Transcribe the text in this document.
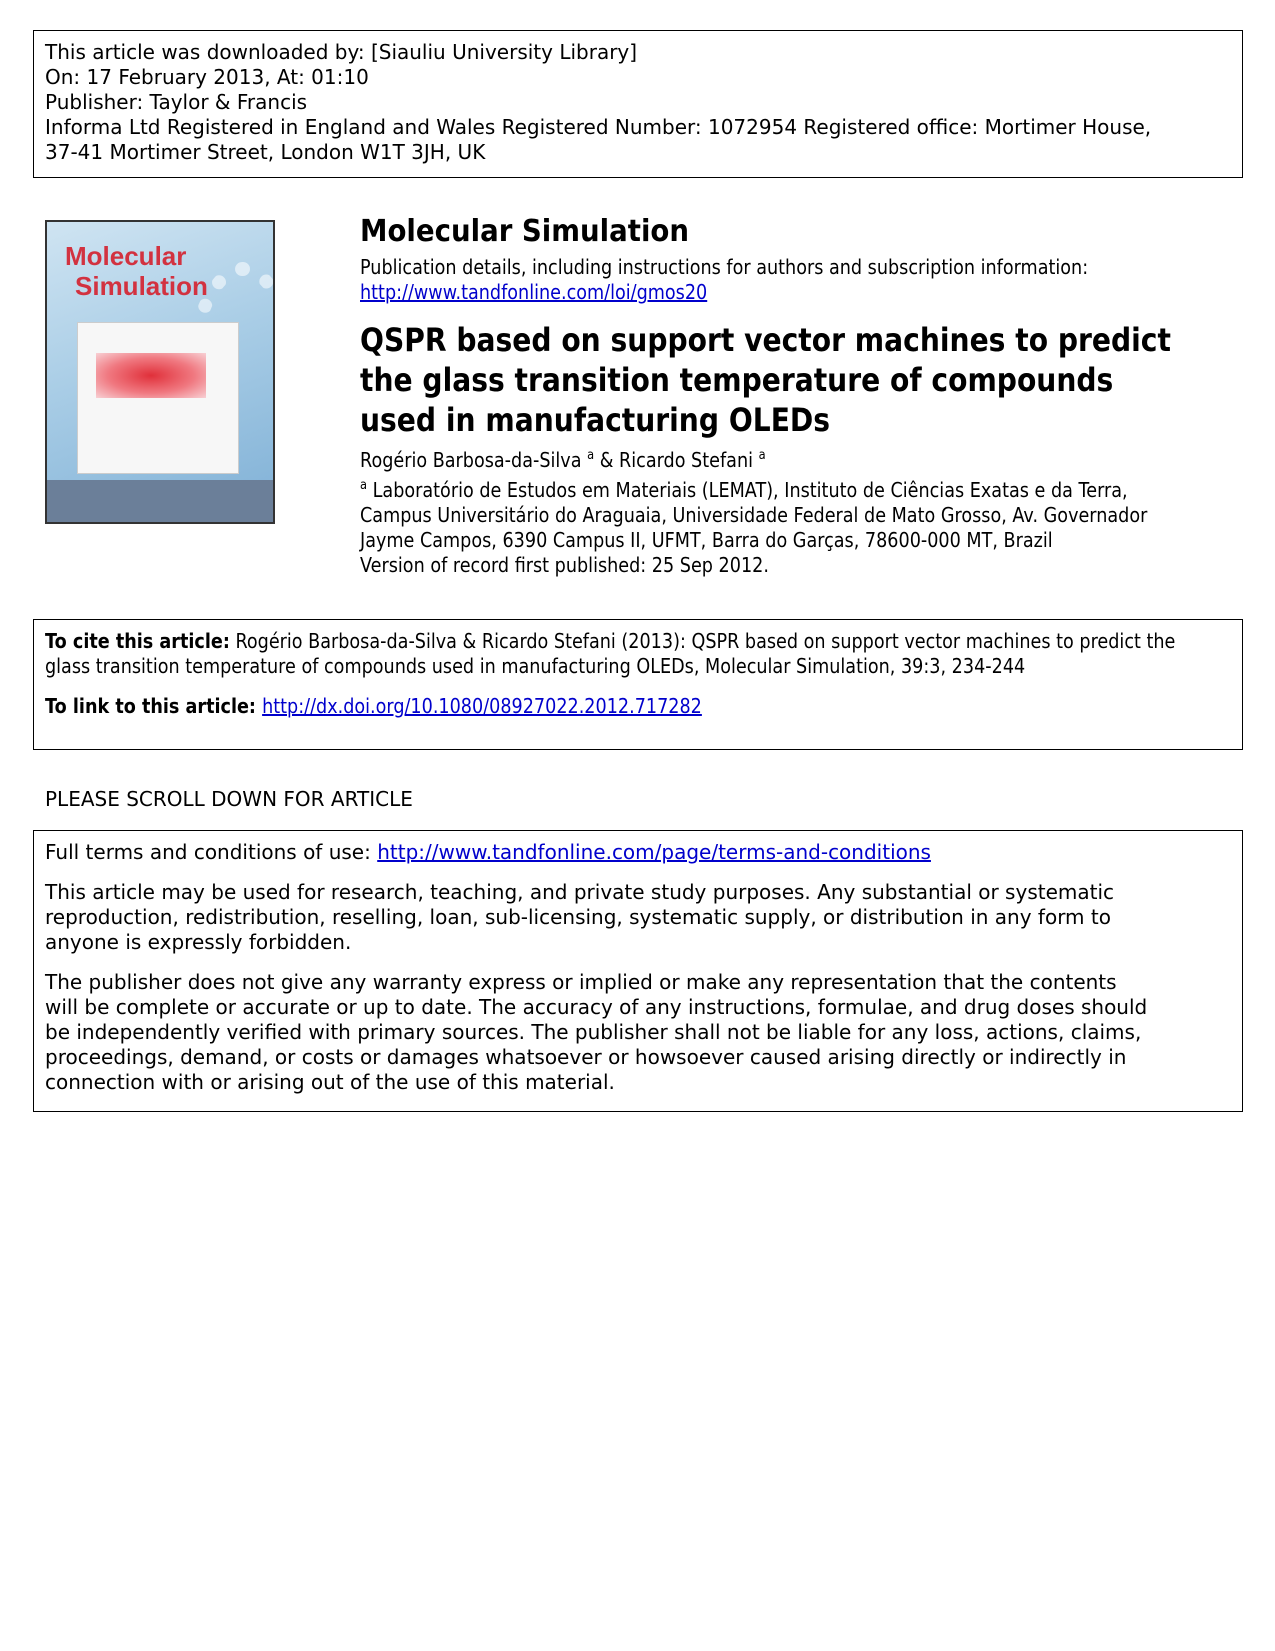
This article was downloaded by: [Siauliu University Library]
On: 17 February 2013, At: 01:10
Publisher: Taylor & Francis
Informa Ltd Registered in England and Wales Registered Number: 1072954 Registered office: Mortimer House,
37-41 Mortimer Street, London W1T 3JH, UK
Molecular
Simulation
Molecular Simulation
Publication details, including instructions for authors and subscription information:
http://www.tandfonline.com/loi/gmos20
QSPR based on support vector machines to predict the glass transition temperature of compounds used in manufacturing OLEDs
Rogério Barbosa-da-Silva $^a$ & Ricardo Stefani $^a$
$^a$ Laboratório de Estudos em Materiais (LEMAT), Instituto de Ciências Exatas e da Terra,
Campus Universitário do Araguaia, Universidade Federal de Mato Grosso, Av. Governador
Jayme Campos, 6390 Campus II, UFMT, Barra do Garças, 78600-000 MT, Brazil
Version of record first published: 25 Sep 2012.
To cite this article: Rogério Barbosa-da-Silva & Ricardo Stefani (2013): QSPR based on support vector machines to predict the
glass transition temperature of compounds used in manufacturing OLEDs, Molecular Simulation, 39:3, 234-244
To link to this article: http://dx.doi.org/10.1080/08927022.2012.717282
PLEASE SCROLL DOWN FOR ARTICLE
Full terms and conditions of use: http://www.tandfonline.com/page/terms-and-conditions
This article may be used for research, teaching, and private study purposes. Any substantial or systematic
reproduction, redistribution, reselling, loan, sub-licensing, systematic supply, or distribution in any form to
anyone is expressly forbidden.
The publisher does not give any warranty express or implied or make any representation that the contents
will be complete or accurate or up to date. The accuracy of any instructions, formulae, and drug doses should
be independently verified with primary sources. The publisher shall not be liable for any loss, actions, claims,
proceedings, demand, or costs or damages whatsoever or howsoever caused arising directly or indirectly in
connection with or arising out of the use of this material.
